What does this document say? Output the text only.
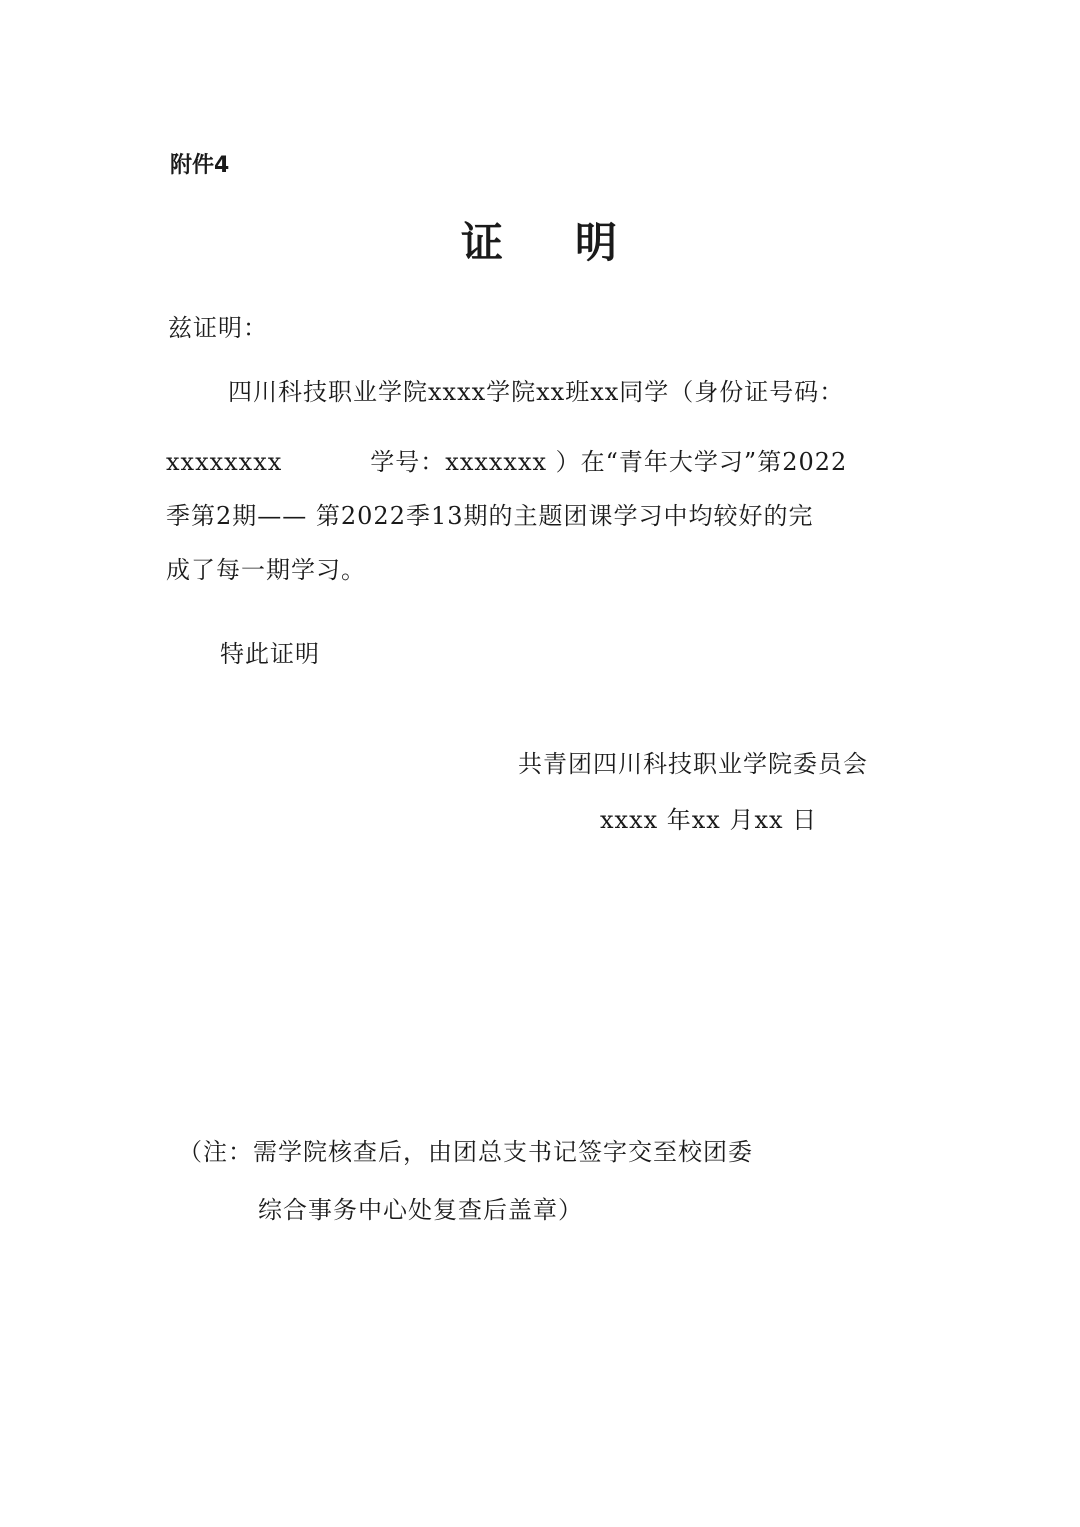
附件4
证 明
兹证明：
四川科技职业学院xxxx学院xx班xx同学（身份证号码：
xxxxxxxx	学号：xxxxxxx ）在“青年大学习”第2022
季第2期—— 第2022季13期的主题团课学习中均较好的完
成了每一期学习。
特此证明
共青团四川科技职业学院委员会
xxxx 年xx 月xx 日
（注：需学院核查后，由团总支书记签字交至校团委
综合事务中心处复查后盖章）
